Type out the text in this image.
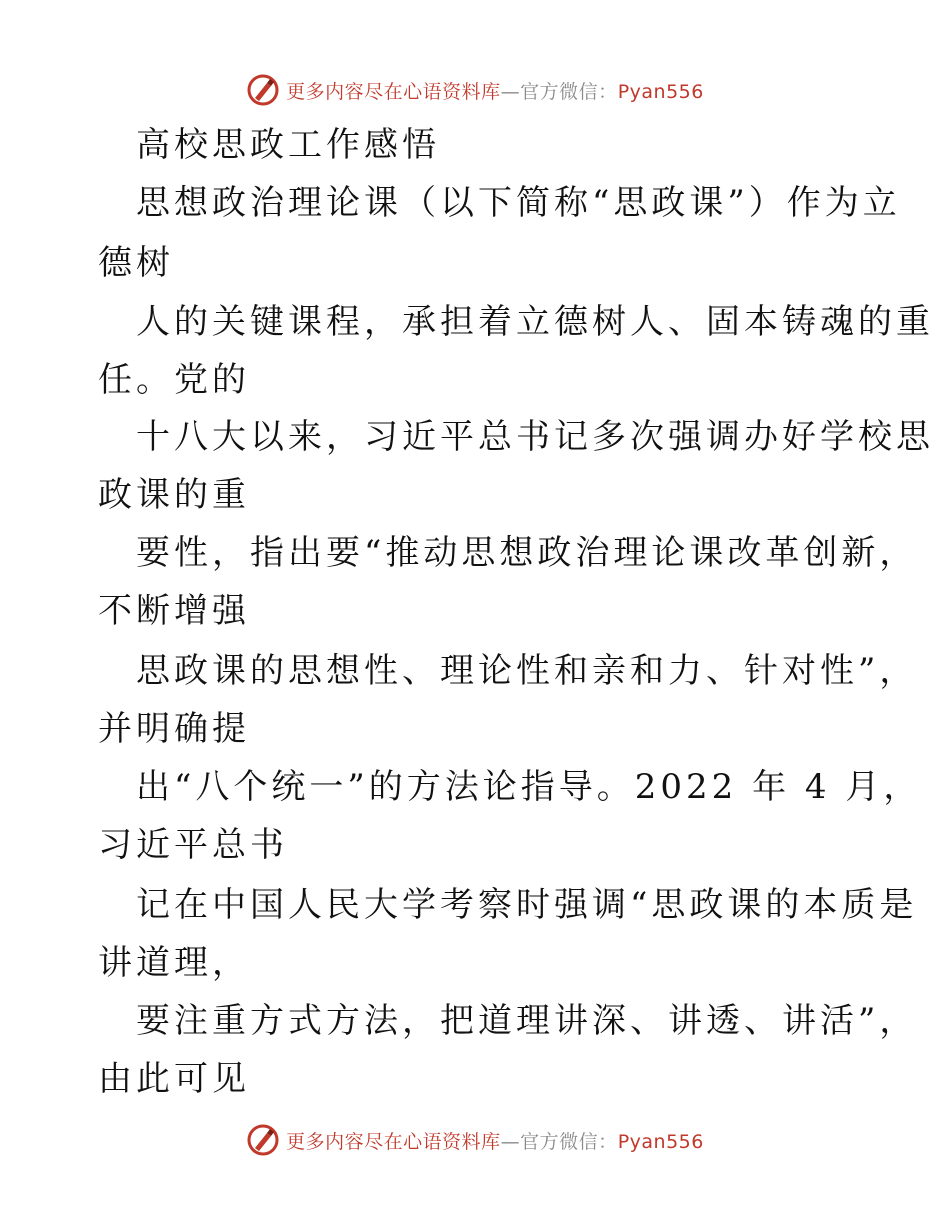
更多内容尽在心语资料库—官方微信：Pyan556
高校思政工作感悟
思想政治理论课（以下简称“思政课”）作为立
德树
人的关键课程，承担着立德树人、固本铸魂的重
任。党的
十八大以来，习近平总书记多次强调办好学校思
政课的重
要性，指出要“推动思想政治理论课改革创新，
不断增强
思政课的思想性、理论性和亲和力、针对性”，
并明确提
出“八个统一”的方法论指导。2022 年 4 月，
习近平总书
记在中国人民大学考察时强调“思政课的本质是
讲道理，
要注重方式方法，把道理讲深、讲透、讲活”，
由此可见
更多内容尽在心语资料库—官方微信：Pyan556
